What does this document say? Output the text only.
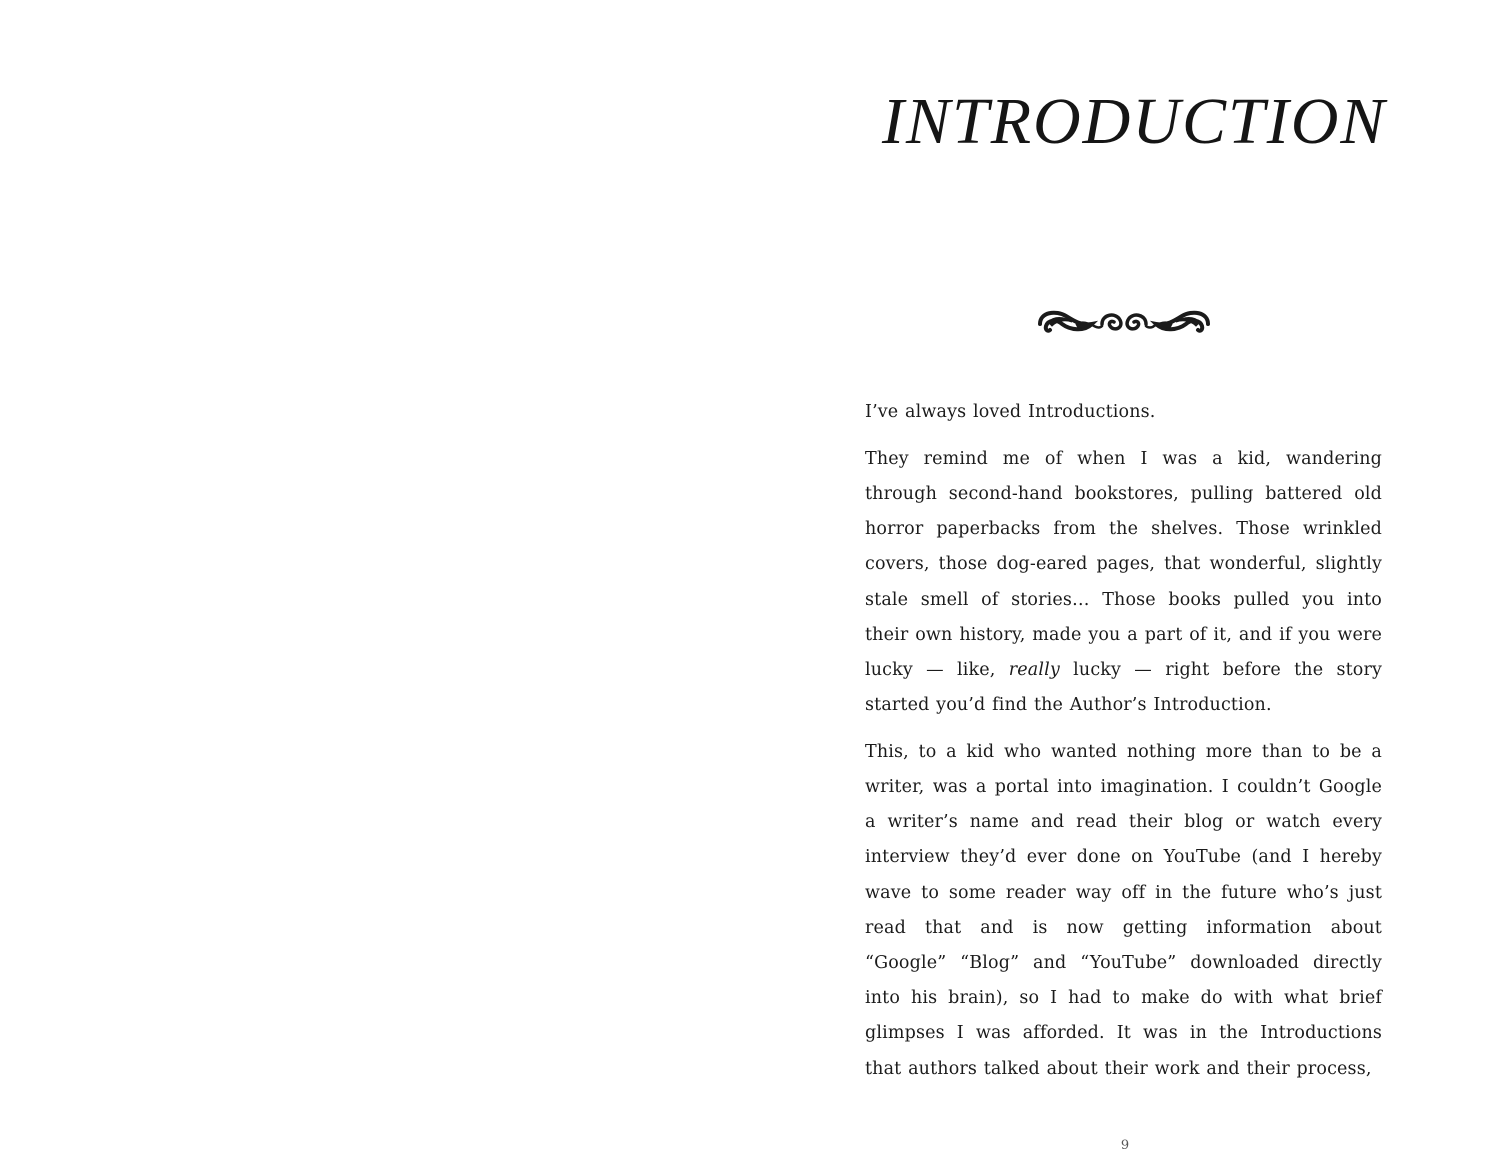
INTRODUCTION

I’ve always loved Introductions.

They remind me of when I was a kid, wandering through second-hand bookstores, pulling battered old horror paperbacks from the shelves. Those wrinkled covers, those dog-eared pages, that wonderful, slightly stale smell of stories… Those books pulled you into their own history, made you a part of it, and if you were lucky — like, really lucky — right before the story started you’d find the Author’s Introduction.

This, to a kid who wanted nothing more than to be a writer, was a portal into imagination. I couldn’t Google a writer’s name and read their blog or watch every interview they’d ever done on YouTube (and I hereby wave to some reader way off in the future who’s just read that and is now getting information about “Google” “Blog” and “YouTube” downloaded directly into his brain), so I had to make do with what brief glimpses I was afforded. It was in the Introductions that authors talked about their work and their process,

9
